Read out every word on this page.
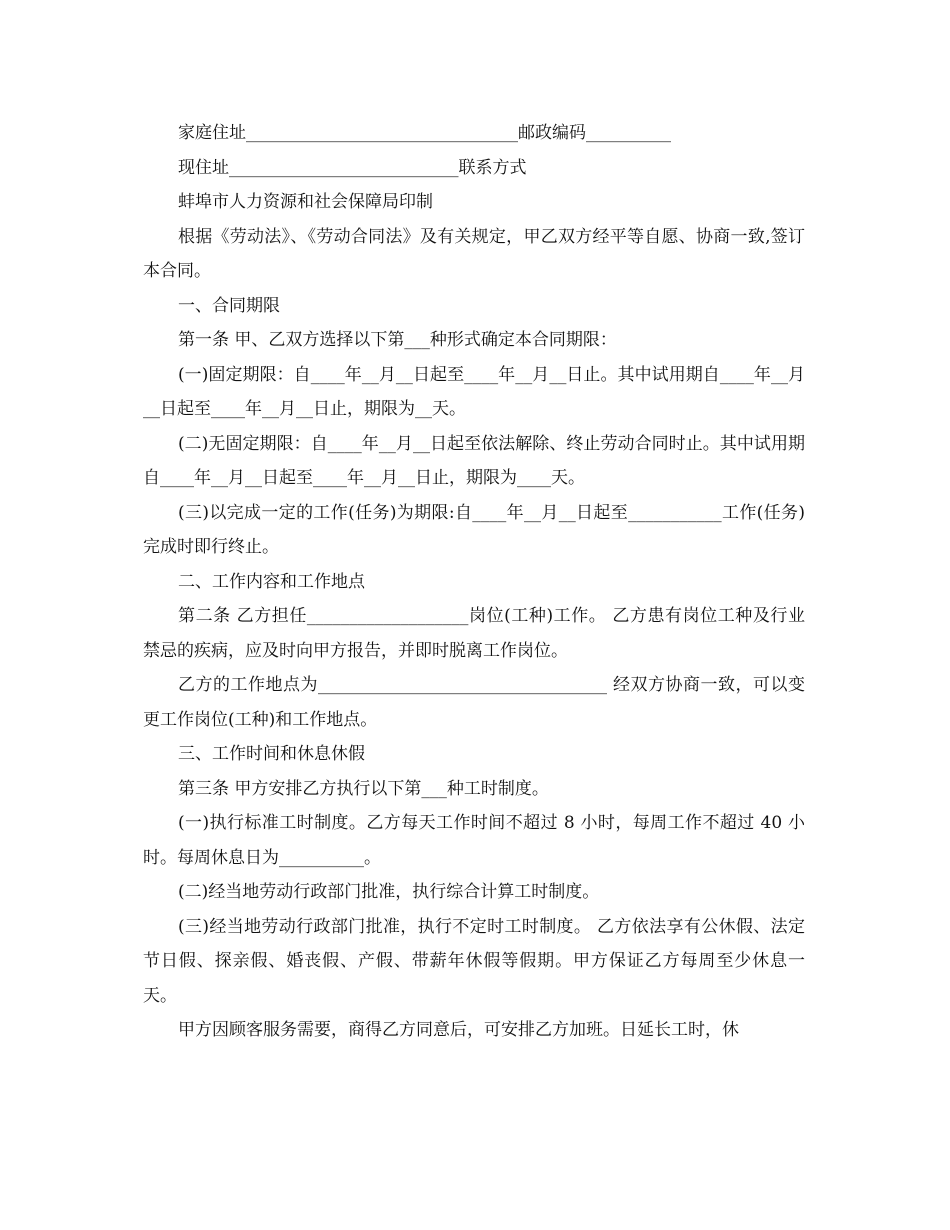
家庭住址________________________________邮政编码__________

现住址___________________________联系方式

蚌埠市人力资源和社会保障局印制

根据《劳动法》、《劳动合同法》及有关规定，甲乙双方经平等自愿、协商一致,签订本合同。

一、合同期限

第一条 甲、乙双方选择以下第___种形式确定本合同期限：

(一)固定期限：自____年__月__日起至____年__月__日止。其中试用期自____年__月__日起至____年__月__日止，期限为__天。

(二)无固定期限：自____年__月__日起至依法解除、终止劳动合同时止。其中试用期自____年__月__日起至____年__月__日止，期限为____天。

(三)以完成一定的工作(任务)为期限:自____年__月__日起至___________工作(任务)完成时即行终止。

二、工作内容和工作地点

第二条 乙方担任___________________岗位(工种)工作。 乙方患有岗位工种及行业禁忌的疾病，应及时向甲方报告，并即时脱离工作岗位。

乙方的工作地点为__________________________________ 经双方协商一致，可以变更工作岗位(工种)和工作地点。

三、工作时间和休息休假

第三条 甲方安排乙方执行以下第___种工时制度。

(一)执行标准工时制度。乙方每天工作时间不超过 8 小时，每周工作不超过 40 小时。每周休息日为__________。

(二)经当地劳动行政部门批准，执行综合计算工时制度。

(三)经当地劳动行政部门批准，执行不定时工时制度。 乙方依法享有公休假、法定节日假、探亲假、婚丧假、产假、带薪年休假等假期。甲方保证乙方每周至少休息一天。

甲方因顾客服务需要，商得乙方同意后，可安排乙方加班。日延长工时，休
